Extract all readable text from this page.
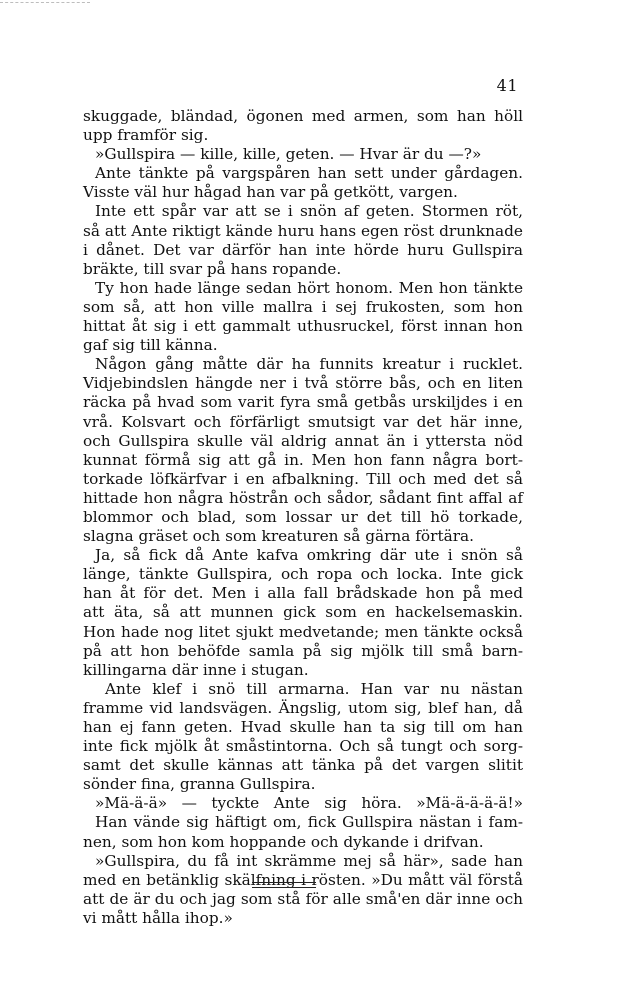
41
skuggade, bländad, ögonen med armen, som han höll
upp framför sig.
»Gullspira — kille, kille, geten. — Hvar är du —?»
Ante tänkte på vargspåren han sett under gårdagen.
Visste väl hur hågad han var på getkött, vargen.
Inte ett spår var att se i snön af geten. Stormen röt,
så att Ante riktigt kände huru hans egen röst drunknade
i dånet. Det var därför han inte hörde huru Gullspira
bräkte, till svar på hans ropande.
Ty hon hade länge sedan hört honom. Men hon tänkte
som så, att hon ville mallra i sej frukosten, som hon
hittat åt sig i ett gammalt uthusruckel, först innan hon
gaf sig till känna.
Någon gång måtte där ha funnits kreatur i rucklet.
Vidjebindslen hängde ner i två större bås, och en liten
räcka på hvad som varit fyra små getbås urskiljdes i en
vrå. Kolsvart och förfärligt smutsigt var det här inne,
och Gullspira skulle väl aldrig annat än i yttersta nöd
kunnat förmå sig att gå in. Men hon fann några bort-
torkade löfkärfvar i en afbalkning. Till och med det så
hittade hon några höstrån och sådor, sådant fint affal af
blommor och blad, som lossar ur det till hö torkade,
slagna gräset och som kreaturen så gärna förtära.
Ja, så fick då Ante kafva omkring där ute i snön så
länge, tänkte Gullspira, och ropa och locka. Inte gick
han åt för det. Men i alla fall brådskade hon på med
att äta, så att munnen gick som en hackelsemaskin.
Hon hade nog litet sjukt medvetande; men tänkte också
på att hon behöfde samla på sig mjölk till små barn-
killingarna där inne i stugan.
Ante klef i snö till armarna. Han var nu nästan
framme vid landsvägen. Ängslig, utom sig, blef han, då
han ej fann geten. Hvad skulle han ta sig till om han
inte fick mjölk åt småstintorna. Och så tungt och sorg-
samt det skulle kännas att tänka på det vargen slitit
sönder fina, granna Gullspira.
»Mä-ä-ä» — tyckte Ante sig höra. »Mä-ä-ä-ä-ä!»
Han vände sig häftigt om, fick Gullspira nästan i fam-
nen, som hon kom hoppande och dykande i drifvan.
»Gullspira, du få int skrämme mej så här», sade han
med en betänklig skälfning i rösten. »Du mått väl förstå
att de är du och jag som stå för alle små'en där inne och
vi mått hålla ihop.»
